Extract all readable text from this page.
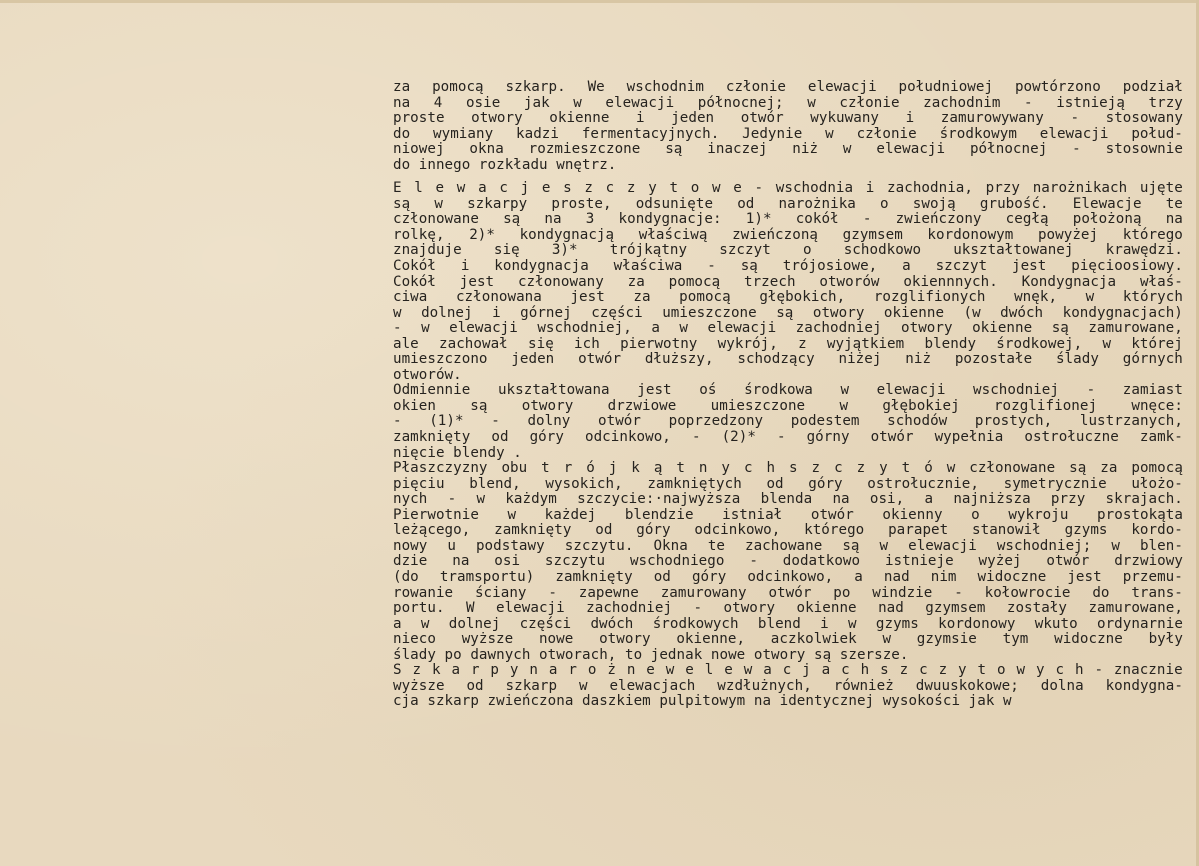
za pomocą szkarp. We wschodnim członie elewacji południowej powtórzono podział
na 4 osie jak w elewacji północnej; w członie zachodnim - istnieją trzy
proste otwory okienne i jeden otwór wykuwany i zamurowywany - stosowany
do wymiany kadzi fermentacyjnych. Jedynie w członie środkowym elewacji połud-
niowej okna rozmieszczone są inaczej niż w elewacji północnej - stosownie
do innego rozkładu wnętrz.
E l e w a c j e s z c z y t o w e - wschodnia i zachodnia, przy narożnikach ujęte
są w szkarpy proste, odsunięte od narożnika o swoją grubość. Elewacje te
członowane są na 3 kondygnacje: 1)* cokół - zwieńczony cegłą położoną na
rolkę, 2)* kondygnacją właściwą zwieńczoną gzymsem kordonowym powyżej którego
znajduje się 3)* trójkątny szczyt o schodkowo ukształtowanej krawędzi.
Cokół i kondygnacja właściwa - są trójosiowe, a szczyt jest pięcioosiowy.
Cokół jest członowany za pomocą trzech otworów okiennnych. Kondygnacja właś-
ciwa członowana jest za pomocą głębokich, rozglifionych wnęk, w których
w dolnej i górnej części umieszczone są otwory okienne (w dwóch kondygnacjach)
- w elewacji wschodniej, a w elewacji zachodniej otwory okienne są zamurowane,
ale zachował się ich pierwotny wykrój, z wyjątkiem blendy środkowej, w której
umieszczono jeden otwór dłuższy, schodzący niżej niż pozostałe ślady górnych
otworów.
Odmiennie ukształtowana jest oś środkowa w elewacji wschodniej - zamiast
okien są otwory drzwiowe umieszczone w głębokiej rozglifionej wnęce:
- (1)* - dolny otwór poprzedzony podestem schodów prostych, lustrzanych,
zamknięty od góry odcinkowo, - (2)* - górny otwór wypełnia ostrołuczne zamk-
nięcie blendy .
Płaszczyzny obu t r ó j k ą t n y c h s z c z y t ó w członowane są za pomocą
pięciu blend, wysokich, zamkniętych od góry ostrołucznie, symetrycznie ułożo-
nych - w każdym szczycie:·najwyższa blenda na osi, a najniższa przy skrajach.
Pierwotnie w każdej blendzie istniał otwór okienny o wykroju prostokąta
leżącego, zamknięty od góry odcinkowo, którego parapet stanowił gzyms kordo-
nowy u podstawy szczytu. Okna te zachowane są w elewacji wschodniej; w blen-
dzie na osi szczytu wschodniego - dodatkowo istnieje wyżej otwór drzwiowy
(do tramsportu) zamknięty od góry odcinkowo, a nad nim widoczne jest przemu-
rowanie ściany - zapewne zamurowany otwór po windzie - kołowrocie do trans-
portu. W elewacji zachodniej - otwory okienne nad gzymsem zostały zamurowane,
a w dolnej części dwóch środkowych blend i w gzyms kordonowy wkuto ordynarnie
nieco wyższe nowe otwory okienne, aczkolwiek w gzymsie tym widoczne były
ślady po dawnych otworach, to jednak nowe otwory są szersze.
S z k a r p y n a r o ż n e w e l e w a c j a c h s z c z y t o w y c h - znacznie
wyższe od szkarp w elewacjach wzdłużnych, również dwuuskokowe; dolna kondygna-
cja szkarp zwieńczona daszkiem pulpitowym na identycznej wysokości jak w
